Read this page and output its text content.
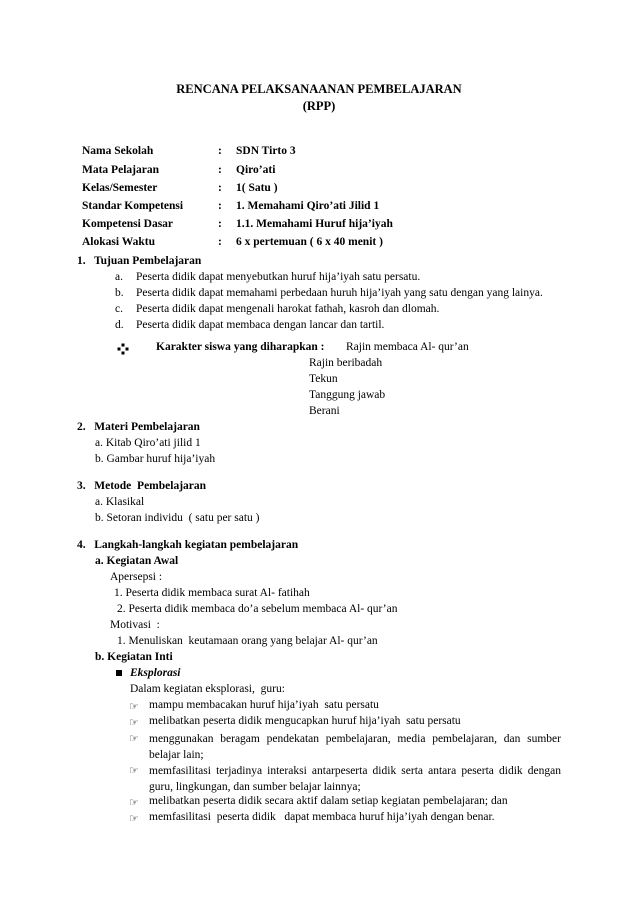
RENCANA PELAKSANAANAN PEMBELAJARAN
(RPP)
Nama Sekolah	: SDN Tirto 3
Mata Pelajaran	: Qiro’ati
Kelas/Semester	: 1( Satu )
Standar Kompetensi	: 1. Memahami Qiro’ati Jilid 1
Kompetensi Dasar	: 1.1. Memahami Huruf hija’iyah
Alokasi Waktu	: 6 x pertemuan ( 6 x 40 menit )
1.   Tujuan Pembelajaran
a. Peserta didik dapat menyebutkan huruf hija’iyah satu persatu.
b. Peserta didik dapat memahami perbedaan huruh hija’iyah yang satu dengan yang lainya.
c. Peserta didik dapat mengenali harokat fathah, kasroh dan dlomah.
d. Peserta didik dapat membaca dengan lancar dan tartil.
Karakter siswa yang diharapkan : Rajin membaca Al- qur’an
Rajin beribadah
Tekun
Tanggung jawab
Berani
2.   Materi Pembelajaran
a. Kitab Qiro’ati jilid 1
b. Gambar huruf hija’iyah
3.   Metode  Pembelajaran
a. Klasikal
b. Setoran individu  ( satu per satu )
4.   Langkah-langkah kegiatan pembelajaran
a. Kegiatan Awal
Apersepsi :
1. Peserta didik membaca surat Al- fatihah
2. Peserta didik membaca do’a sebelum membaca Al- qur’an
Motivasi  :
1. Menuliskan  keutamaan orang yang belajar Al- qur’an
b. Kegiatan Inti
Eksplorasi
Dalam kegiatan eksplorasi,  guru:
☞ mampu membacakan huruf hija’iyah  satu persatu
☞ melibatkan peserta didik mengucapkan huruf hija’iyah  satu persatu
☞ menggunakan beragam pendekatan pembelajaran, media pembelajaran, dan sumber belajar lain;
☞ memfasilitasi terjadinya interaksi antarpeserta didik serta antara peserta didik dengan guru, lingkungan, dan sumber belajar lainnya;
☞ melibatkan peserta didik secara aktif dalam setiap kegiatan pembelajaran; dan
☞ memfasilitasi  peserta didik   dapat membaca huruf hija’iyah dengan benar.
